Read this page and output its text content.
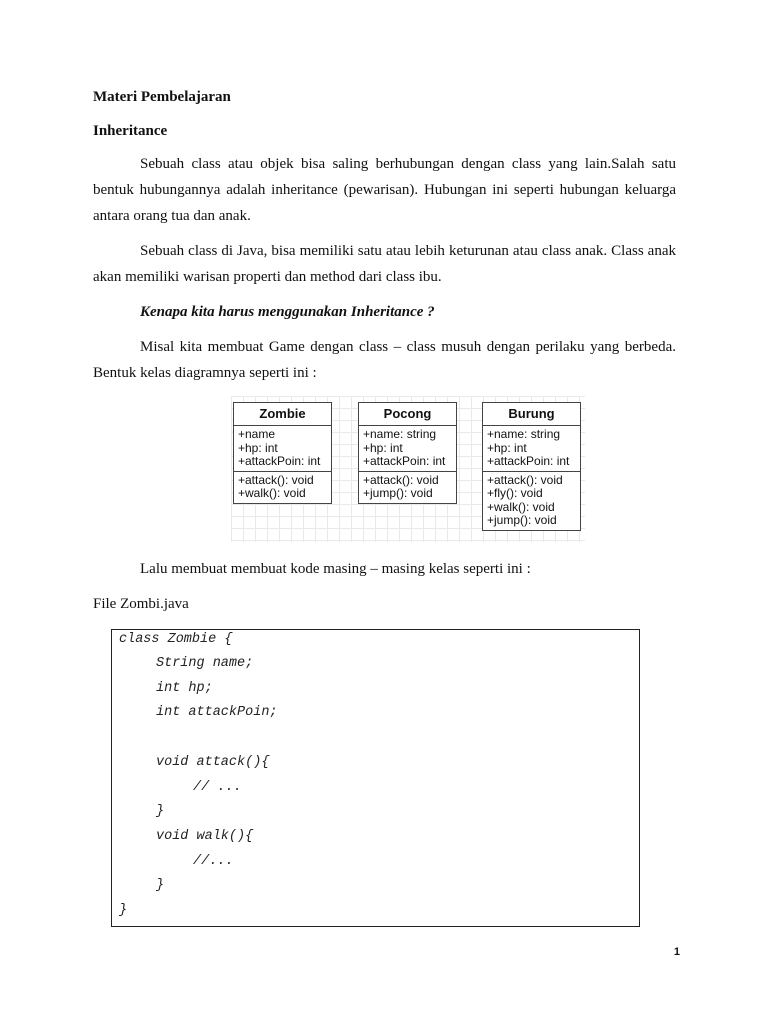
Materi Pembelajaran
Inheritance
Sebuah class atau objek bisa saling berhubungan dengan class yang lain.Salah satu bentuk hubungannya adalah inheritance (pewarisan). Hubungan ini seperti hubungan keluarga antara orang tua dan anak.
Sebuah class di Java, bisa memiliki satu atau lebih keturunan atau class anak. Class anak akan memiliki warisan properti dan method dari class ibu.
Kenapa kita harus menggunakan Inheritance ?
Misal kita membuat Game dengan class – class musuh dengan perilaku yang berbeda. Bentuk kelas diagramnya seperti ini :
Zombie
+name
+hp: int
+attackPoin: int
+attack(): void
+walk(): void
Pocong
+name: string
+hp: int
+attackPoin: int
+attack(): void
+jump(): void
Burung
+name: string
+hp: int
+attackPoin: int
+attack(): void
+fly(): void
+walk(): void
+jump(): void
Lalu membuat membuat kode masing – masing kelas seperti ini :
File Zombi.java
class Zombie {
String name;
int hp;
int attackPoin;
void attack(){
// ...
}
void walk(){
//...
}
}
1
